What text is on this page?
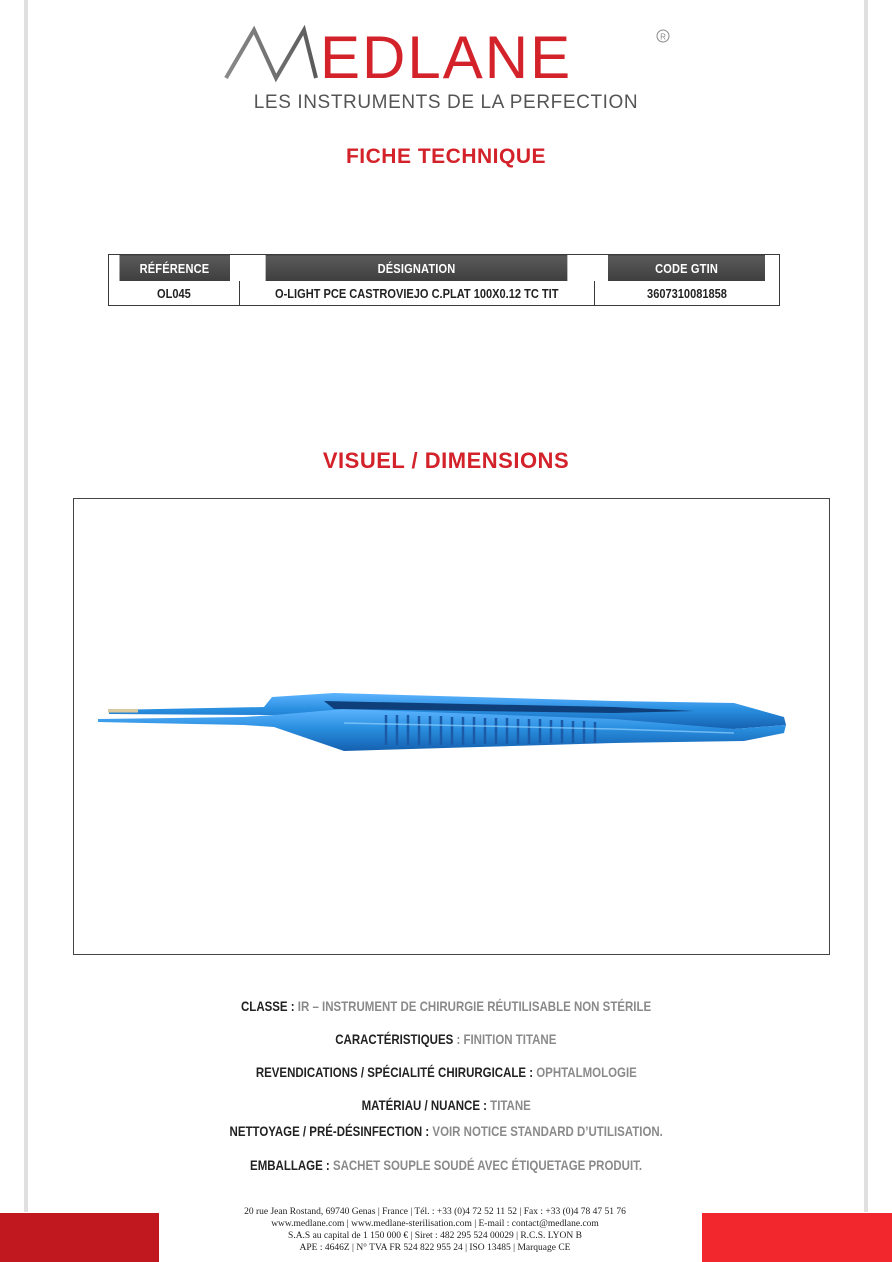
EDLANE	R
LES INSTRUMENTS DE LA PERFECTION
FICHE TECHNIQUE
RÉFÉRENCE	DÉSIGNATION	CODE GTIN
OL045	O-LIGHT PCE CASTROVIEJO C.PLAT 100X0.12 TC TIT	3607310081858
VISUEL / DIMENSIONS
CLASSE : IR – INSTRUMENT DE CHIRURGIE RÉUTILISABLE NON STÉRILE
CARACTÉRISTIQUES : FINITION TITANE
REVENDICATIONS / SPÉCIALITÉ CHIRURGICALE : OPHTALMOLOGIE
MATÉRIAU / NUANCE : TITANE
NETTOYAGE / PRÉ-DÉSINFECTION : VOIR NOTICE STANDARD D’UTILISATION.
EMBALLAGE : SACHET SOUPLE SOUDÉ AVEC ÉTIQUETAGE PRODUIT.
20 rue Jean Rostand, 69740 Genas | France | Tél. : +33 (0)4 72 52 11 52 | Fax : +33 (0)4 78 47 51 76
www.medlane.com | www.medlane-sterilisation.com | E-mail : contact@medlane.com
S.A.S au capital de 1 150 000 € | Siret : 482 295 524 00029 | R.C.S. LYON B
APE : 4646Z | N° TVA FR 524 822 955 24 | ISO 13485 | Marquage CE
